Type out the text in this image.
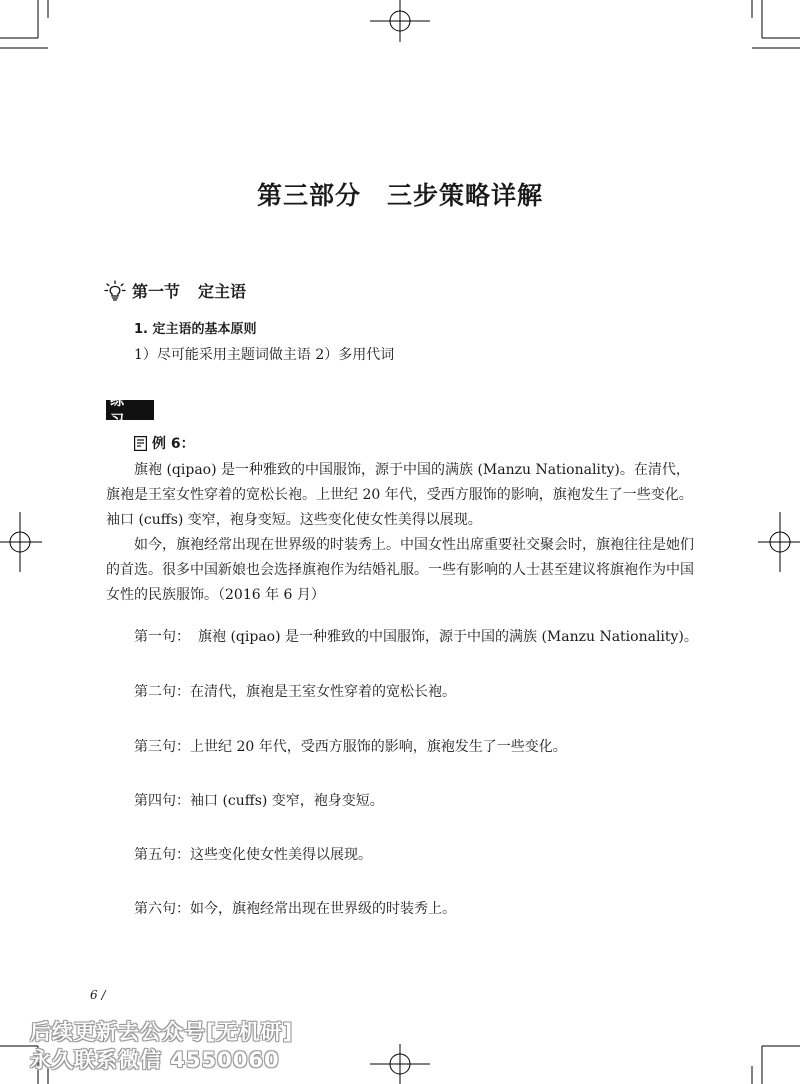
第三部分　三步策略详解
第一节 定主语
1. 定主语的基本原则
1）尽可能采用主题词做主语 2）多用代词
练 习
例 6：

旗袍 (qipao) 是一种雅致的中国服饰，源于中国的满族 (Manzu Nationality)。在清代，旗袍是王室女性穿着的宽松长袍。上世纪 20 年代，受西方服饰的影响，旗袍发生了一些变化。袖口 (cuffs) 变窄，袍身变短。这些变化使女性美得以展现。

如今，旗袍经常出现在世界级的时装秀上。中国女性出席重要社交聚会时，旗袍往往是她们的首选。很多中国新娘也会选择旗袍作为结婚礼服。一些有影响的人士甚至建议将旗袍作为中国女性的民族服饰。（2016 年 6 月）

第一句： 旗袍 (qipao) 是一种雅致的中国服饰，源于中国的满族 (Manzu Nationality)。
第二句：在清代，旗袍是王室女性穿着的宽松长袍。
第三句：上世纪 20 年代，受西方服饰的影响，旗袍发生了一些变化。
第四句：袖口 (cuffs) 变窄，袍身变短。
第五句：这些变化使女性美得以展现。
第六句：如今，旗袍经常出现在世界级的时装秀上。
6 /
后续更新去公众号[无机研]
永久联系微信 4550060
